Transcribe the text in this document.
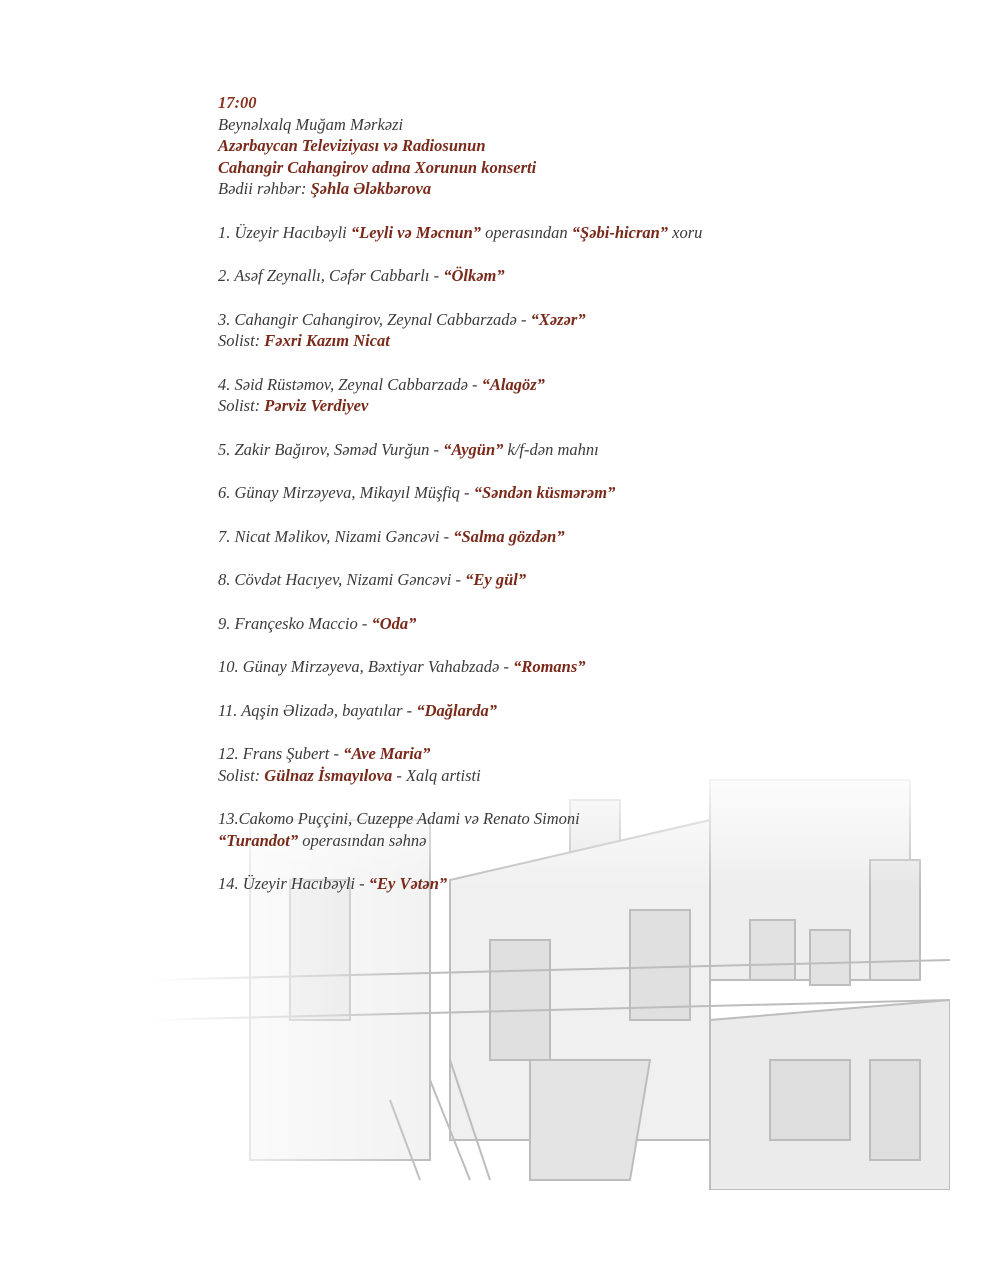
17:00
Beynəlxalq Muğam Mərkəzi
Azərbaycan Televiziyası və Radiosunun
Cahangir Cahangirov adına Xorunun konserti
Bədii rəhbər: Şəhla Ələkbərova
1. Üzeyir Hacıbəyli “Leyli və Məcnun” operasından “Şəbi-hicran” xoru
2. Asəf Zeynallı, Cəfər Cabbarlı - “Ölkəm”
3. Cahangir Cahangirov, Zeynal Cabbarzadə - “Xəzər”
Solist: Fəxri Kazım Nicat
4. Səid Rüstəmov, Zeynal Cabbarzadə - “Alagöz”
Solist: Pərviz Verdiyev
5. Zakir Bağırov, Səməd Vurğun - “Aygün” k/f-dən mahnı
6. Günay Mirzəyeva, Mikayıl Müşfiq - “Səndən küsmərəm”
7. Nicat Məlikov, Nizami Gəncəvi - “Salma gözdən”
8. Cövdət Hacıyev, Nizami Gəncəvi - “Ey gül”
9. Françesko Maccio - “Oda”
10. Günay Mirzəyeva, Bəxtiyar Vahabzadə - “Romans”
11. Aqşin Əlizadə, bayatılar - “Dağlarda”
12. Frans Şubert - “Ave Maria”
Solist: Gülnaz İsmayılova - Xalq artisti
13.Cakomo Puççini, Cuzeppe Adami və Renato Simoni
“Turandot” operasından səhnə
14. Üzeyir Hacıbəyli - “Ey Vətən”
